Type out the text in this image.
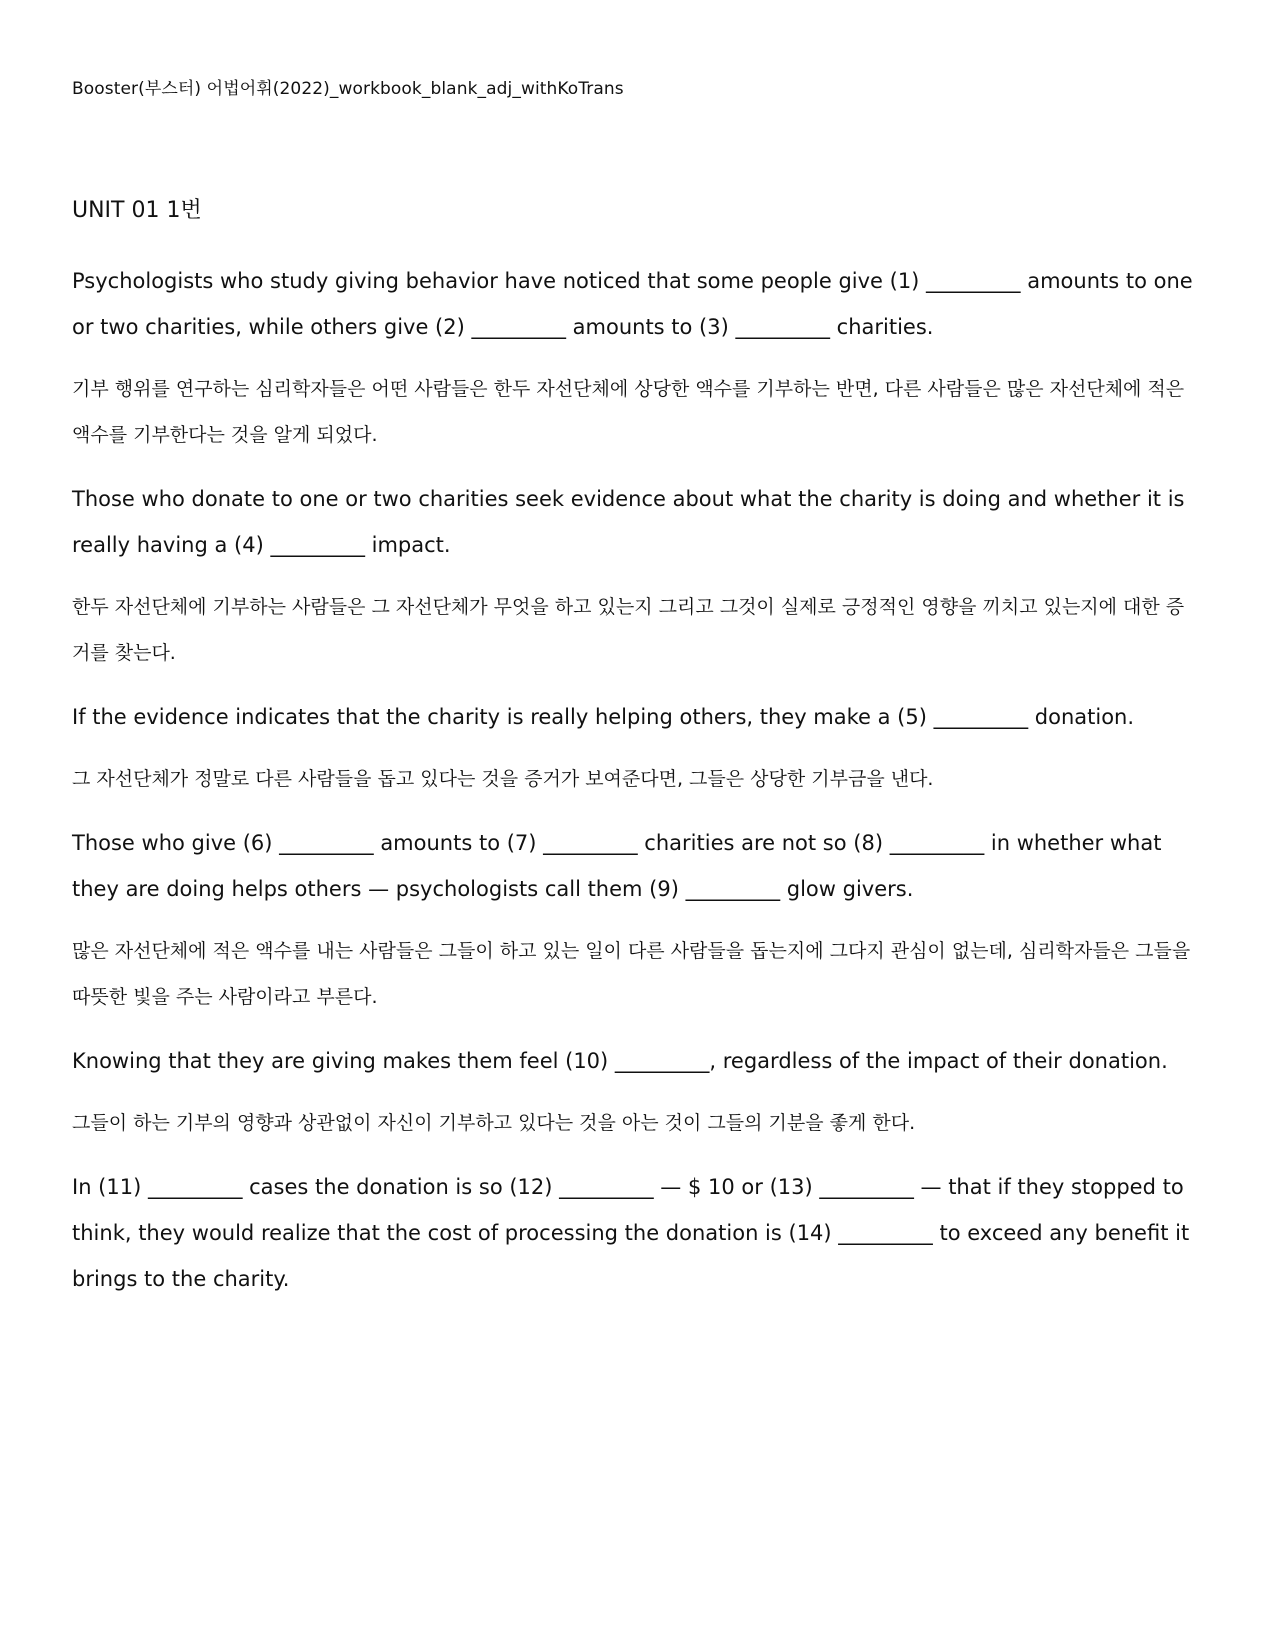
Booster(부스터) 어법어휘(2022)_workbook_blank_adj_withKoTrans
UNIT 01 1번

Psychologists who study giving behavior have noticed that some people give (1) _________ amounts to one or two charities, while others give (2) _________ amounts to (3) _________ charities.

기부 행위를 연구하는 심리학자들은 어떤 사람들은 한두 자선단체에 상당한 액수를 기부하는 반면, 다른 사람들은 많은 자선단체에 적은 액수를 기부한다는 것을 알게 되었다.

Those who donate to one or two charities seek evidence about what the charity is doing and whether it is really having a (4) _________ impact.

한두 자선단체에 기부하는 사람들은 그 자선단체가 무엇을 하고 있는지 그리고 그것이 실제로 긍정적인 영향을 끼치고 있는지에 대한 증거를 찾는다.

If the evidence indicates that the charity is really helping others, they make a (5) _________ donation.

그 자선단체가 정말로 다른 사람들을 돕고 있다는 것을 증거가 보여준다면, 그들은 상당한 기부금을 낸다.

Those who give (6) _________ amounts to (7) _________ charities are not so (8) _________ in whether what they are doing helps others — psychologists call them (9) _________ glow givers.

많은 자선단체에 적은 액수를 내는 사람들은 그들이 하고 있는 일이 다른 사람들을 돕는지에 그다지 관심이 없는데, 심리학자들은 그들을 따뜻한 빛을 주는 사람이라고 부른다.

Knowing that they are giving makes them feel (10) _________, regardless of the impact of their donation.

그들이 하는 기부의 영향과 상관없이 자신이 기부하고 있다는 것을 아는 것이 그들의 기분을 좋게 한다.

In (11) _________ cases the donation is so (12) _________ — $ 10 or (13) _________ — that if they stopped to think, they would realize that the cost of processing the donation is (14) _________ to exceed any benefit it brings to the charity.
